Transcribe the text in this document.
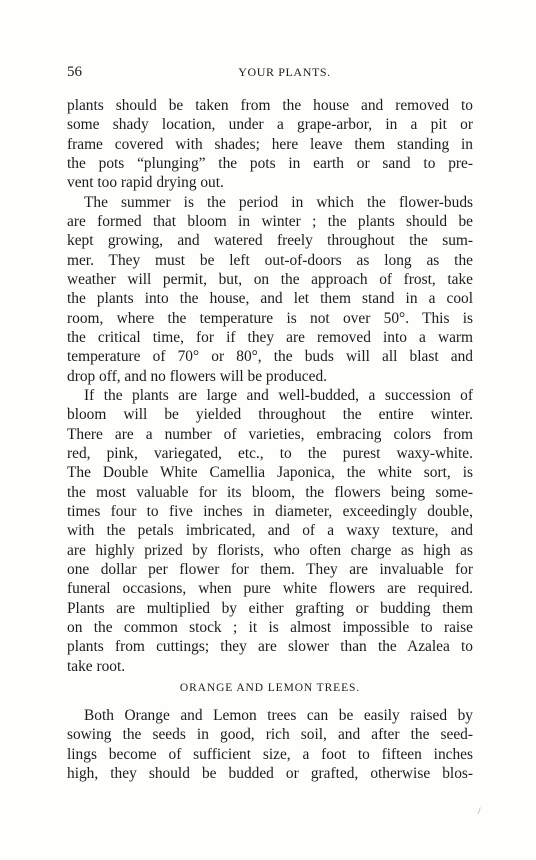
56	YOUR PLANTS.
plants should be taken from the house and removed to
some shady location, under a grape-arbor, in a pit or
frame covered with shades; here leave them standing in
the pots “plunging” the pots in earth or sand to pre-
vent too rapid drying out.
The summer is the period in which the flower-buds
are formed that bloom in winter ; the plants should be
kept growing, and watered freely throughout the sum-
mer. They must be left out-of-doors as long as the
weather will permit, but, on the approach of frost, take
the plants into the house, and let them stand in a cool
room, where the temperature is not over 50°. This is
the critical time, for if they are removed into a warm
temperature of 70° or 80°, the buds will all blast and
drop off, and no flowers will be produced.
If the plants are large and well-budded, a succession of
bloom will be yielded throughout the entire winter.
There are a number of varieties, embracing colors from
red, pink, variegated, etc., to the purest waxy-white.
The Double White Camellia Japonica, the white sort, is
the most valuable for its bloom, the flowers being some-
times four to five inches in diameter, exceedingly double,
with the petals imbricated, and of a waxy texture, and
are highly prized by florists, who often charge as high as
one dollar per flower for them. They are invaluable for
funeral occasions, when pure white flowers are required.
Plants are multiplied by either grafting or budding them
on the common stock ; it is almost impossible to raise
plants from cuttings; they are slower than the Azalea to
take root.
ORANGE AND LEMON TREES.
Both Orange and Lemon trees can be easily raised by
sowing the seeds in good, rich soil, and after the seed-
lings become of sufficient size, a foot to fifteen inches
high, they should be budded or grafted, otherwise blos-
/
